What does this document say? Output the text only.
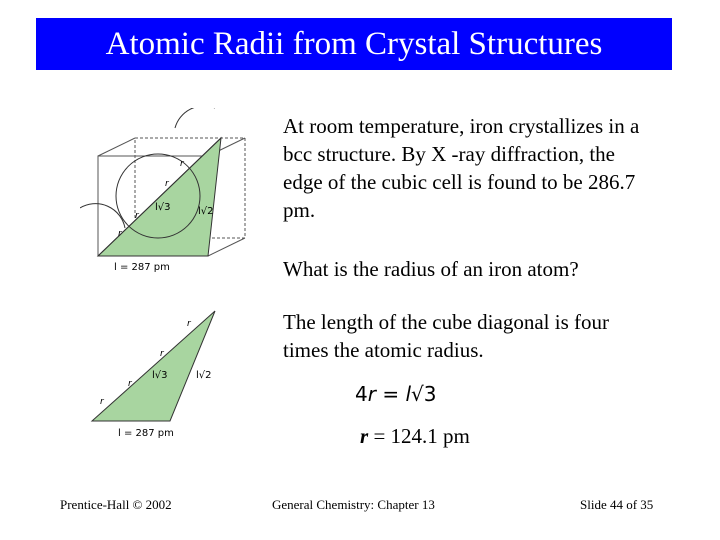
Atomic Radii from Crystal Structures
l√3	l√2
r
r
r
r
l = 287 pm
l√3	l√2
r
r
r
r
l = 287 pm
At room temperature, iron crystallizes in a bcc structure. By X -ray diffraction, the edge of the cubic cell is found to be 286.7 pm.
What is the radius of an iron atom?
The length of the cube diagonal is four times the atomic radius.
4r = l√3
r = 124.1 pm
Prentice-Hall © 2002	General Chemistry: Chapter 13	Slide 44 of 35
